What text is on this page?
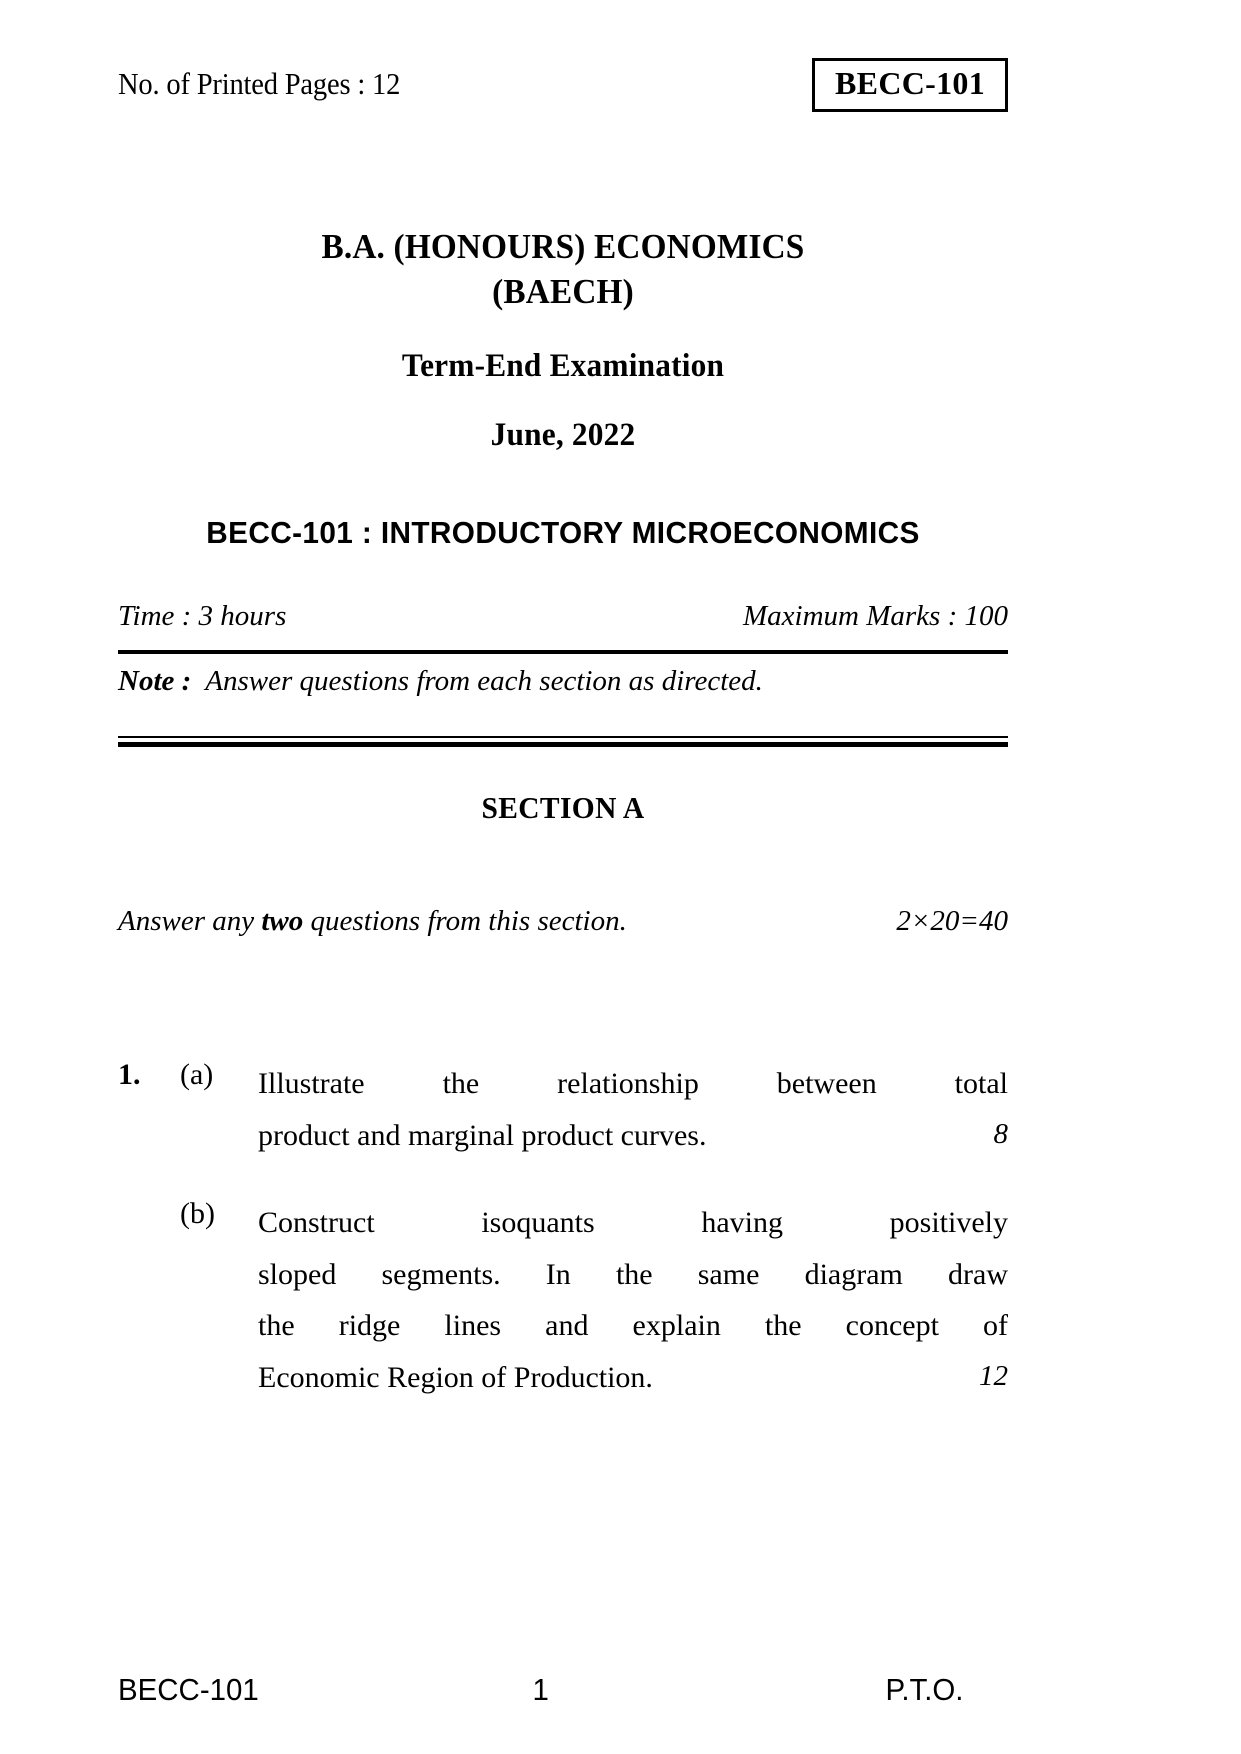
No. of Printed Pages : 12	BECC-101
B.A. (HONOURS) ECONOMICS
(BAECH)
Term-End Examination
June, 2022
BECC-101 : INTRODUCTORY MICROECONOMICS
Time : 3 hours	Maximum Marks : 100
Note : Answer questions from each section as directed.
SECTION A
Answer any two questions from this section.	2×20=40
1.	(a)	Illustrate the relationship between total
product and marginal product curves.	8
(b)	Construct isoquants having positively
sloped segments. In the same diagram draw
the ridge lines and explain the concept of
Economic Region of Production.	12
1
BECC-101	P.T.O.
